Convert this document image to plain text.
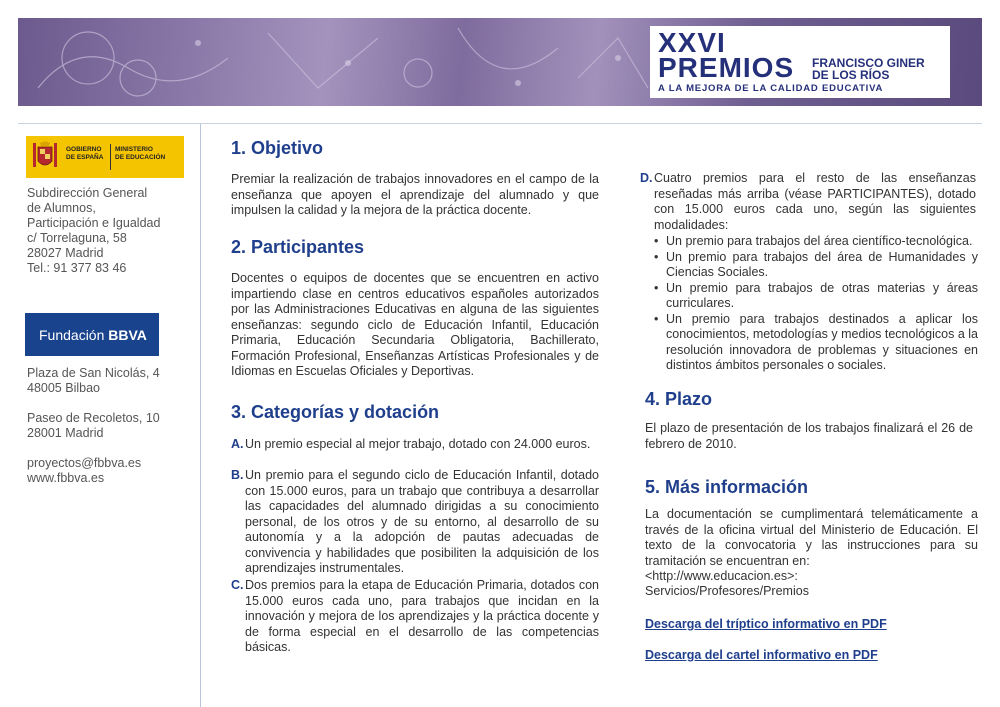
XXVI
PREMIOS FRANCISCO GINER
DE LOS RÍOS
A LA MEJORA DE LA CALIDAD EDUCATIVA
GOBIERNO
DE ESPAÑA
MINISTERIO
DE EDUCACIÓN
Subdirección General
de Alumnos,
Participación e Igualdad
c/ Torrelaguna, 58
28027 Madrid
Tel.: 91 377 83 46
Fundación BBVA
Plaza de San Nicolás, 4
48005 Bilbao
Paseo de Recoletos, 10
28001 Madrid
proyectos@fbbva.es
www.fbbva.es
1. Objetivo

Premiar la realización de trabajos innovadores en el campo de la enseñanza que apoyen el aprendizaje del alumnado y que impulsen la calidad y la mejora de la práctica docente.

2. Participantes

Docentes o equipos de docentes que se encuentren en activo impartiendo clase en centros educativos españoles autorizados por las Administraciones Educativas en alguna de las siguientes enseñanzas: segundo ciclo de Educación Infantil, Educación Primaria, Educación Secundaria Obligatoria, Bachillerato, Formación Profesional, Enseñanzas Artísticas Profesionales y de Idiomas en Escuelas Oficiales y Deportivas.

3. Categorías y dotación
A. Un premio especial al mejor trabajo, dotado con 24.000 euros.
B. Un premio para el segundo ciclo de Educación Infantil, dotado con 15.000 euros, para un trabajo que contribuya a desarrollar las capacidades del alumnado dirigidas a su conocimiento personal, de los otros y de su entorno, al desarrollo de su autonomía y a la adopción de pautas adecuadas de convivencia y habilidades que posibiliten la adquisición de los aprendizajes instrumentales.
C. Dos premios para la etapa de Educación Primaria, dotados con 15.000 euros cada uno, para trabajos que incidan en la innovación y mejora de los aprendizajes y la práctica docente y de forma especial en el desarrollo de las competencias básicas.
D. Cuatro premios para el resto de las enseñanzas reseñadas más arriba (véase PARTICIPANTES), dotado con 15.000 euros cada uno, según las siguientes modalidades:
• Un premio para trabajos del área científico-tecnológica.
• Un premio para trabajos del área de Humanidades y Ciencias Sociales.
• Un premio para trabajos de otras materias y áreas curriculares.
• Un premio para trabajos destinados a aplicar los conocimientos, metodologías y medios tecnológicos a la resolución innovadora de problemas y situaciones en distintos ámbitos personales o sociales.
4. Plazo

El plazo de presentación de los trabajos finalizará el 26 de febrero de 2010.

5. Más información

La documentación se cumplimentará telemáticamente a través de la oficina virtual del Ministerio de Educación. El texto de la convocatoria y las instrucciones para su tramitación se encuentran en:

<http://www.educacion.es>:
Servicios/Profesores/Premios
Descarga del tríptico informativo en PDF
Descarga del cartel informativo en PDF
